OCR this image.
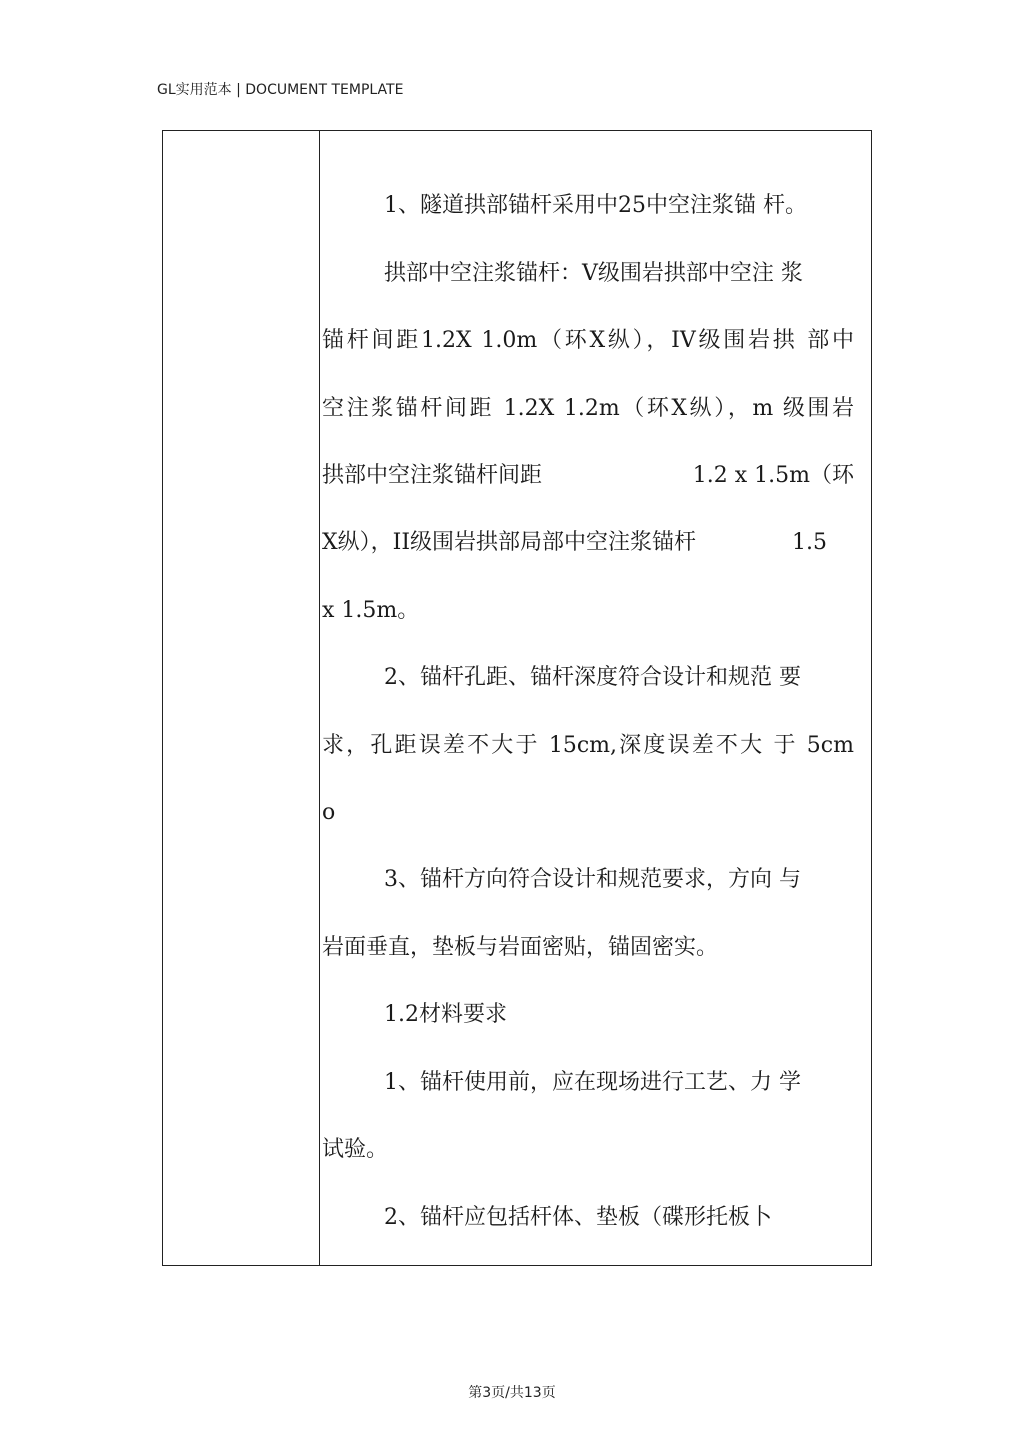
GL实用范本 | DOCUMENT TEMPLATE
1、隧道拱部锚杆采用中25中空注浆锚 杆。
拱部中空注浆锚杆：V级围岩拱部中空注 浆
锚杆间距1.2X 1.0m（环X纵），IV级围岩拱 部中
空注浆锚杆间距 1.2X 1.2m（环X纵），m 级围岩
拱部中空注浆锚杆间距	1.2 x 1.5m（环
X纵），II级围岩拱部局部中空注浆锚杆	1.5
x 1.5m。
2、锚杆孔距、锚杆深度符合设计和规范 要
求，孔距误差不大于 15cm,深度误差不大 于 5cm
o
3、锚杆方向符合设计和规范要求，方向 与
岩面垂直，垫板与岩面密贴，锚固密实。
1.2材料要求
1、锚杆使用前，应在现场进行工艺、力 学
试验。
2、锚杆应包括杆体、垫板（碟形托板卜
第3页/共13页
